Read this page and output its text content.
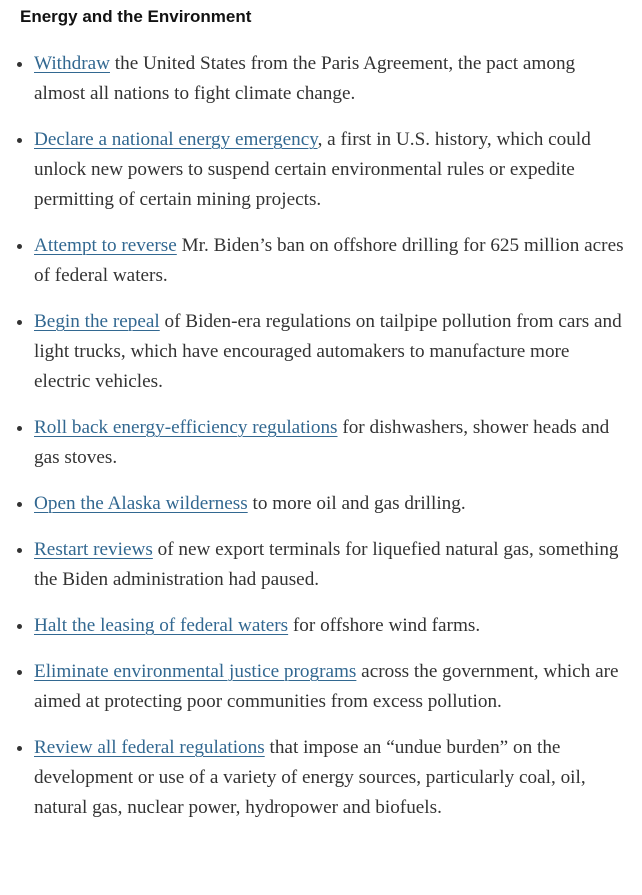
Energy and the Environment
Withdraw the United States from the Paris Agreement, the pact among almost all nations to fight climate change.
Declare a national energy emergency, a first in U.S. history, which could unlock new powers to suspend certain environmental rules or expedite permitting of certain mining projects.
Attempt to reverse Mr. Biden’s ban on offshore drilling for 625 million acres of federal waters.
Begin the repeal of Biden-era regulations on tailpipe pollution from cars and light trucks, which have encouraged automakers to manufacture more electric vehicles.
Roll back energy-efficiency regulations for dishwashers, shower heads and gas stoves.
Open the Alaska wilderness to more oil and gas drilling.
Restart reviews of new export terminals for liquefied natural gas, something the Biden administration had paused.
Halt the leasing of federal waters for offshore wind farms.
Eliminate environmental justice programs across the government, which are aimed at protecting poor communities from excess pollution.
Review all federal regulations that impose an “undue burden” on the development or use of a variety of energy sources, particularly coal, oil, natural gas, nuclear power, hydropower and biofuels.
